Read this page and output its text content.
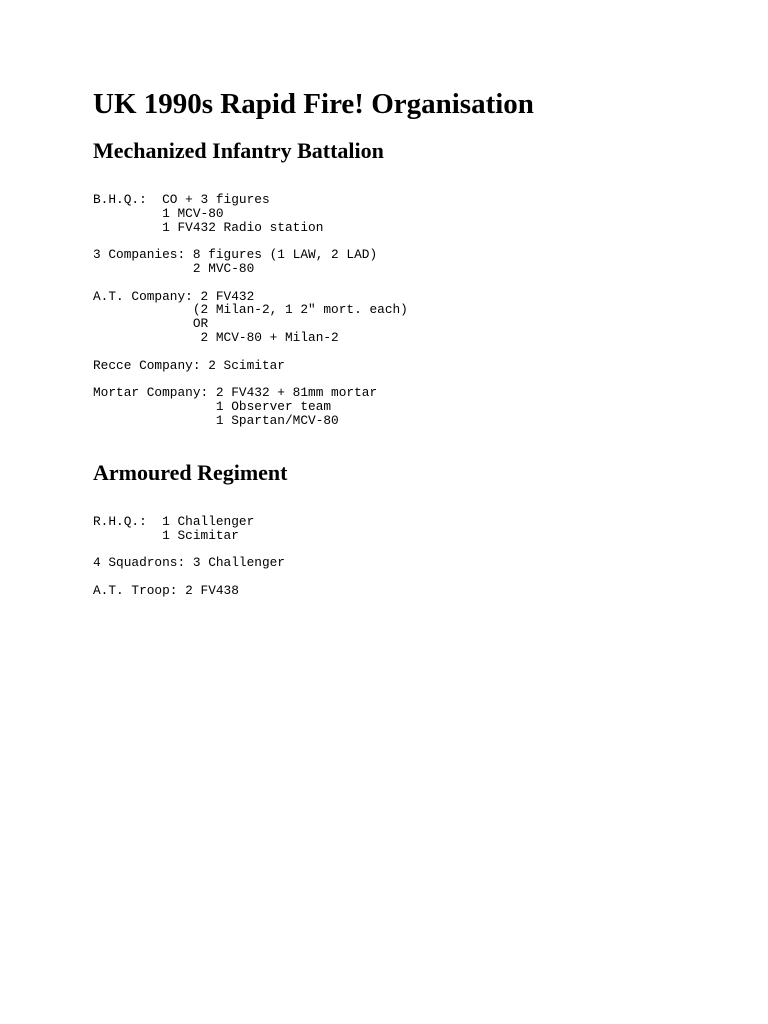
UK 1990s Rapid Fire! Organisation
Mechanized Infantry Battalion
B.H.Q.:  CO + 3 figures
1 MCV-80
1 FV432 Radio station

3 Companies: 8 figures (1 LAW, 2 LAD)
2 MVC-80

A.T. Company: 2 FV432
(2 Milan-2, 1 2" mort. each)
OR
2 MCV-80 + Milan-2

Recce Company: 2 Scimitar

Mortar Company: 2 FV432 + 81mm mortar
1 Observer team
1 Spartan/MCV-80
Armoured Regiment
R.H.Q.:  1 Challenger
1 Scimitar

4 Squadrons: 3 Challenger

A.T. Troop: 2 FV438
